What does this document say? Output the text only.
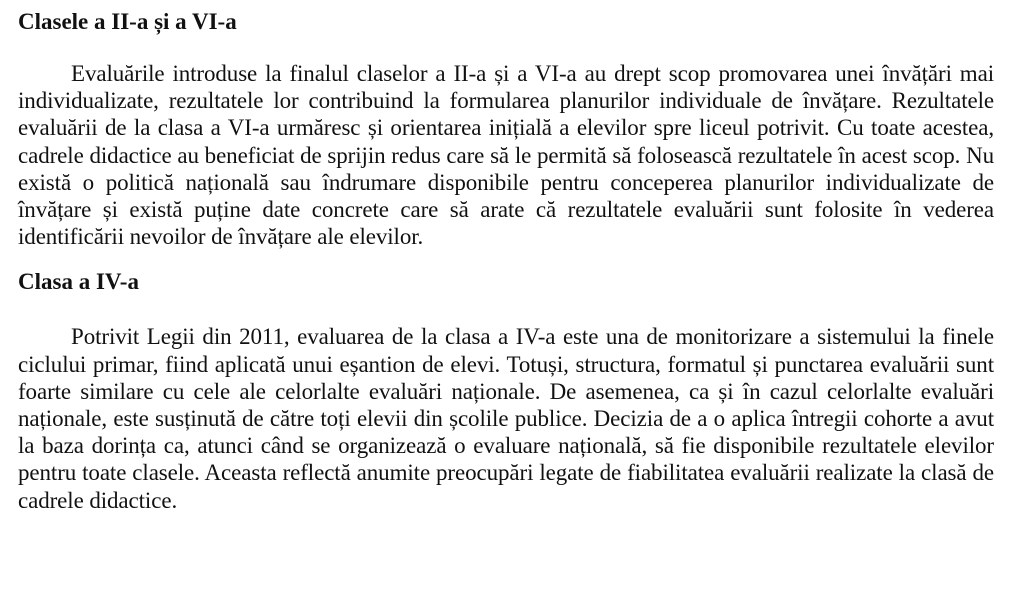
Clasele a II-a și a VI-a

Evaluările introduse la finalul claselor a II-a și a VI-a au drept scop promovarea unei învățări mai individualizate, rezultatele lor contribuind la formularea planurilor individuale de învățare. Rezultatele evaluării de la clasa a VI-a urmăresc și orientarea inițială a elevilor spre liceul potrivit. Cu toate acestea, cadrele didactice au beneficiat de sprijin redus care să le permită să folosească rezultatele în acest scop. Nu există o politică națională sau îndrumare disponibile pentru conceperea planurilor individualizate de învățare și există puține date concrete care să arate că rezultatele evaluării sunt folosite în vederea identificării nevoilor de învățare ale elevilor.

Clasa a IV-a

Potrivit Legii din 2011, evaluarea de la clasa a IV-a este una de monitorizare a sistemului la finele ciclului primar, fiind aplicată unui eșantion de elevi. Totuși, structura, formatul și punctarea evaluării sunt foarte similare cu cele ale celorlalte evaluări naționale. De asemenea, ca și în cazul celorlalte evaluări naționale, este susținută de către toți elevii din școlile publice. Decizia de a o aplica întregii cohorte a avut la baza dorința ca, atunci când se organizează o evaluare națională, să fie disponibile rezultatele elevilor pentru toate clasele. Aceasta reflectă anumite preocupări legate de fiabilitatea evaluării realizate la clasă de cadrele didactice.
